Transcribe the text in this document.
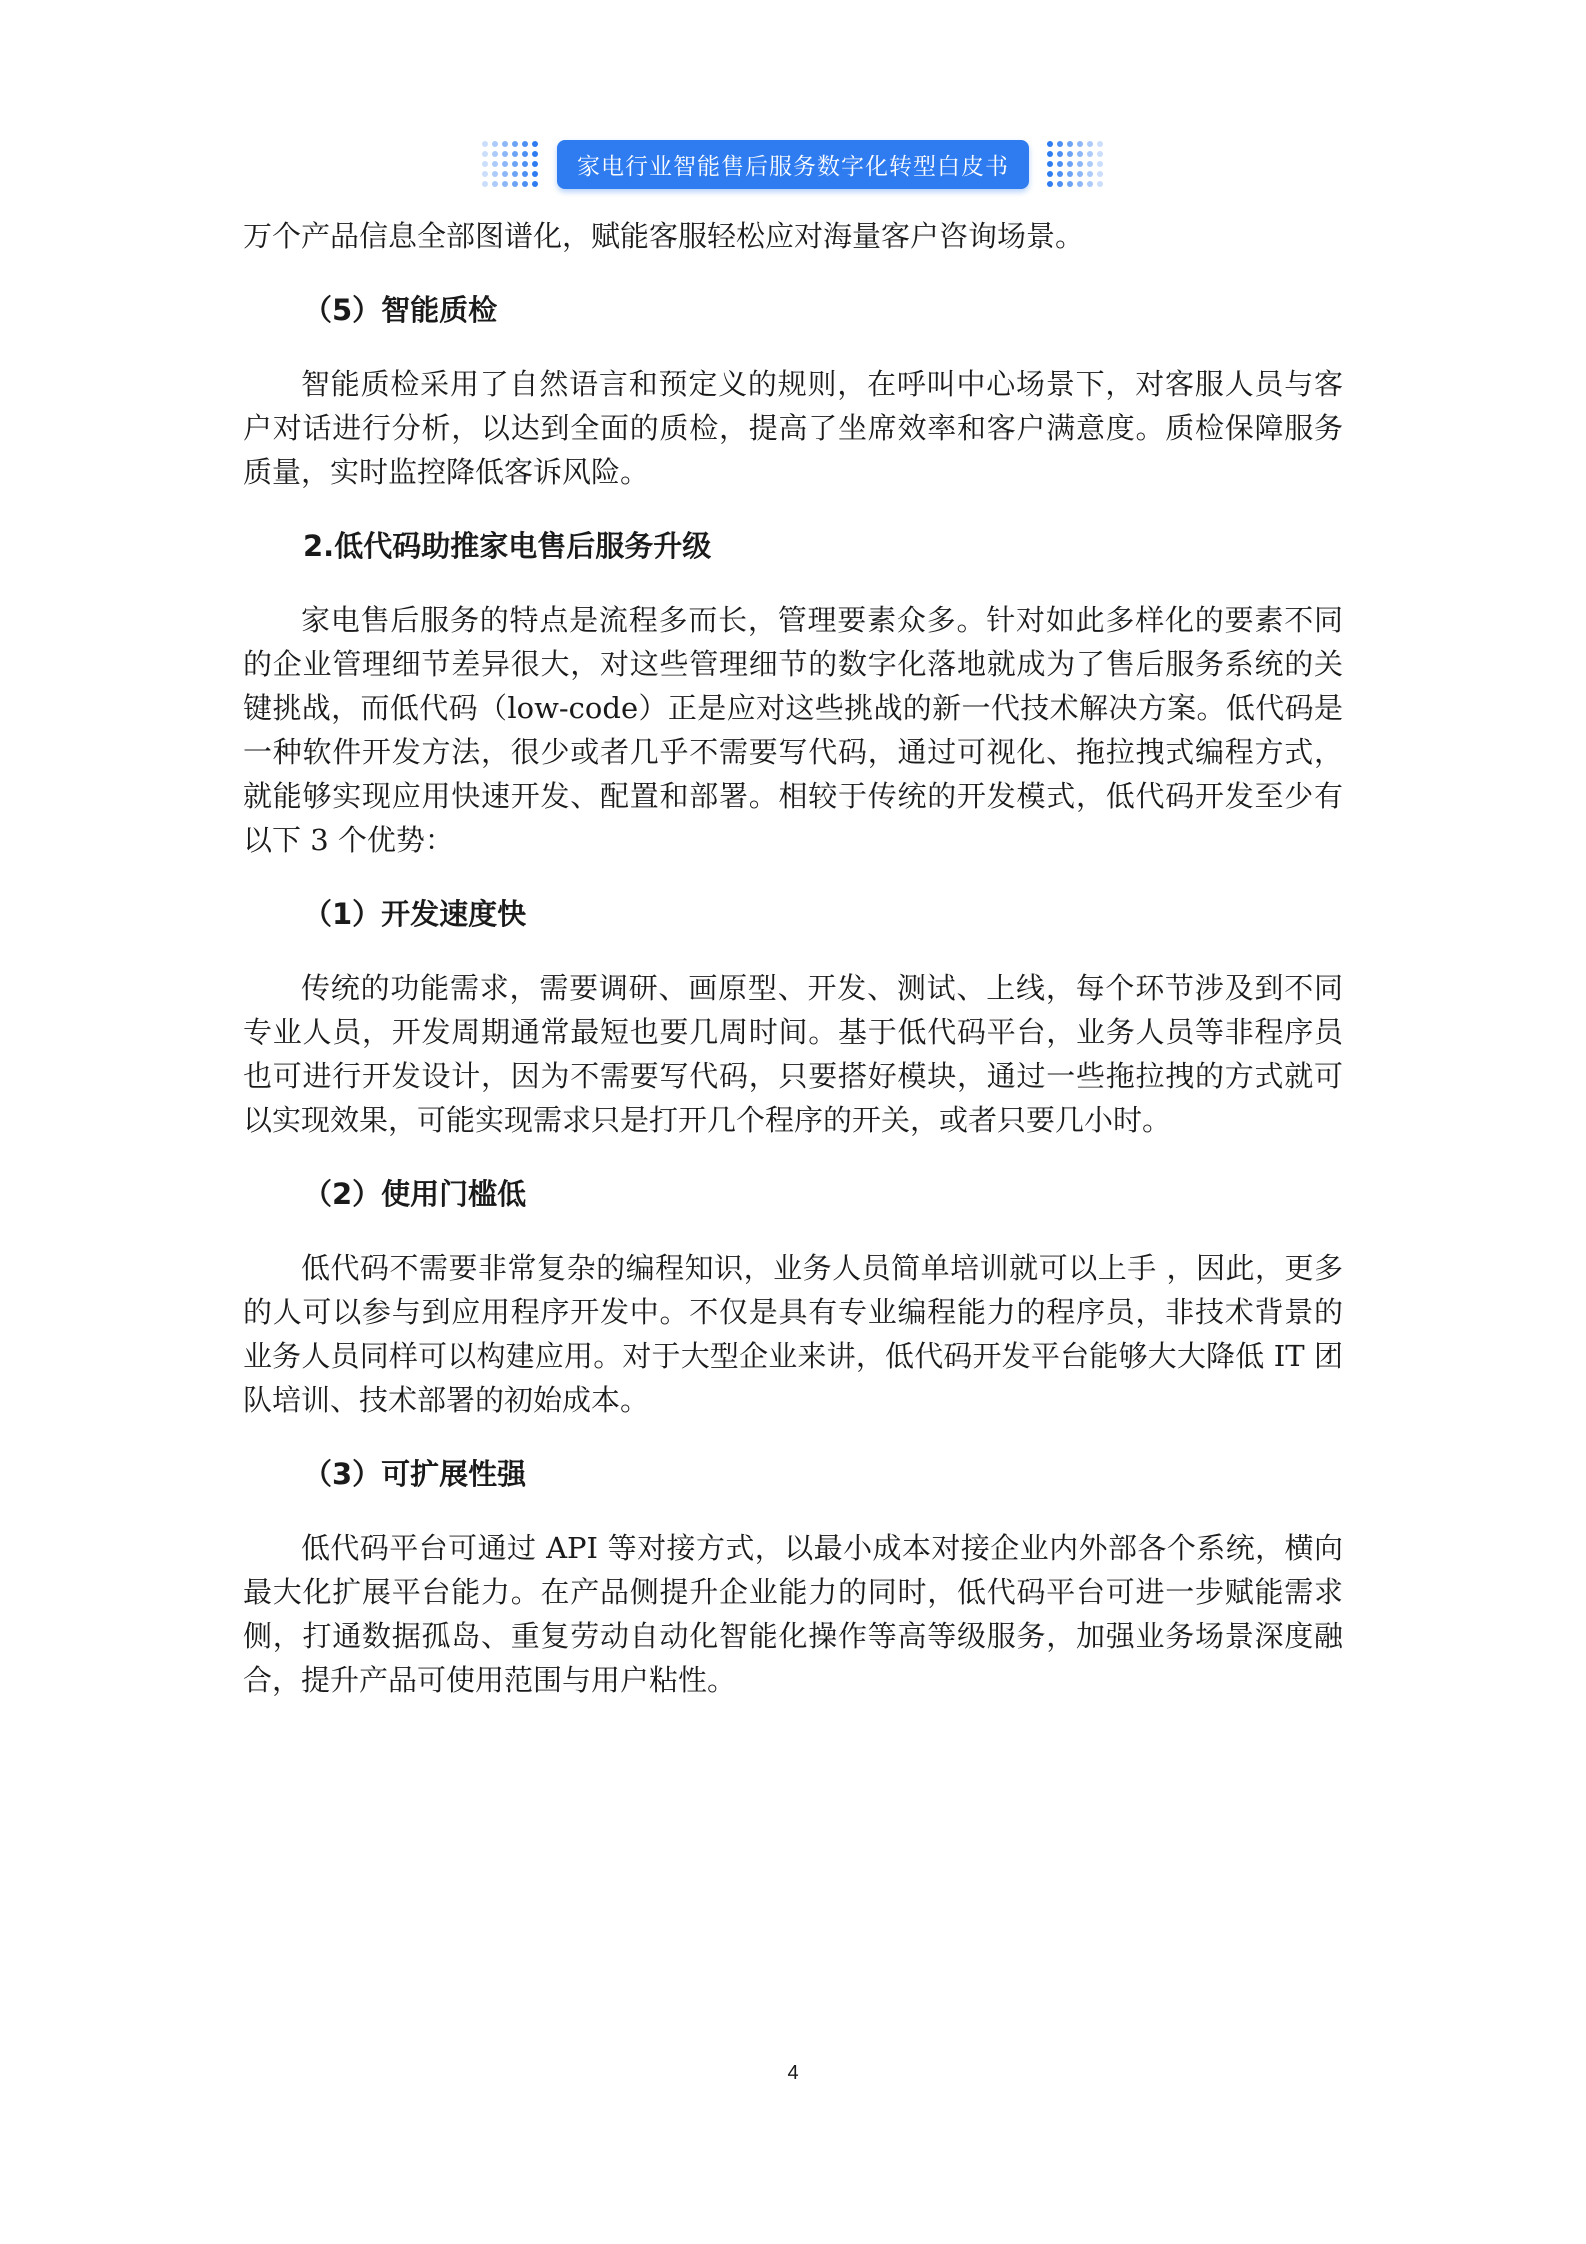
家电行业智能售后服务数字化转型白皮书

万个产品信息全部图谱化，赋能客服轻松应对海量客户咨询场景。

（5）智能质检

智能质检采用了自然语言和预定义的规则，在呼叫中心场景下，对客服人员与客户对话进行分析，以达到全面的质检，提高了坐席效率和客户满意度。质检保障服务质量，实时监控降低客诉风险。

2.低代码助推家电售后服务升级

家电售后服务的特点是流程多而长，管理要素众多。针对如此多样化的要素不同的企业管理细节差异很大，对这些管理细节的数字化落地就成为了售后服务系统的关键挑战，而低代码（low-code）正是应对这些挑战的新一代技术解决方案。低代码是一种软件开发方法，很少或者几乎不需要写代码，通过可视化、拖拉拽式编程方式，就能够实现应用快速开发、配置和部署。相较于传统的开发模式，低代码开发至少有以下 3 个优势：

（1）开发速度快

传统的功能需求，需要调研、画原型、开发、测试、上线，每个环节涉及到不同专业人员，开发周期通常最短也要几周时间。基于低代码平台，业务人员等非程序员也可进行开发设计，因为不需要写代码，只要搭好模块，通过一些拖拉拽的方式就可以实现效果，可能实现需求只是打开几个程序的开关，或者只要几小时。

（2）使用门槛低

低代码不需要非常复杂的编程知识，业务人员简单培训就可以上手 ，因此，更多的人可以参与到应用程序开发中。不仅是具有专业编程能力的程序员，非技术背景的业务人员同样可以构建应用。对于大型企业来讲，低代码开发平台能够大大降低 IT 团队培训、技术部署的初始成本。

（3）可扩展性强

低代码平台可通过 API 等对接方式，以最小成本对接企业内外部各个系统，横向最大化扩展平台能力。在产品侧提升企业能力的同时，低代码平台可进一步赋能需求侧，打通数据孤岛、重复劳动自动化智能化操作等高等级服务，加强业务场景深度融合，提升产品可使用范围与用户粘性。

4
